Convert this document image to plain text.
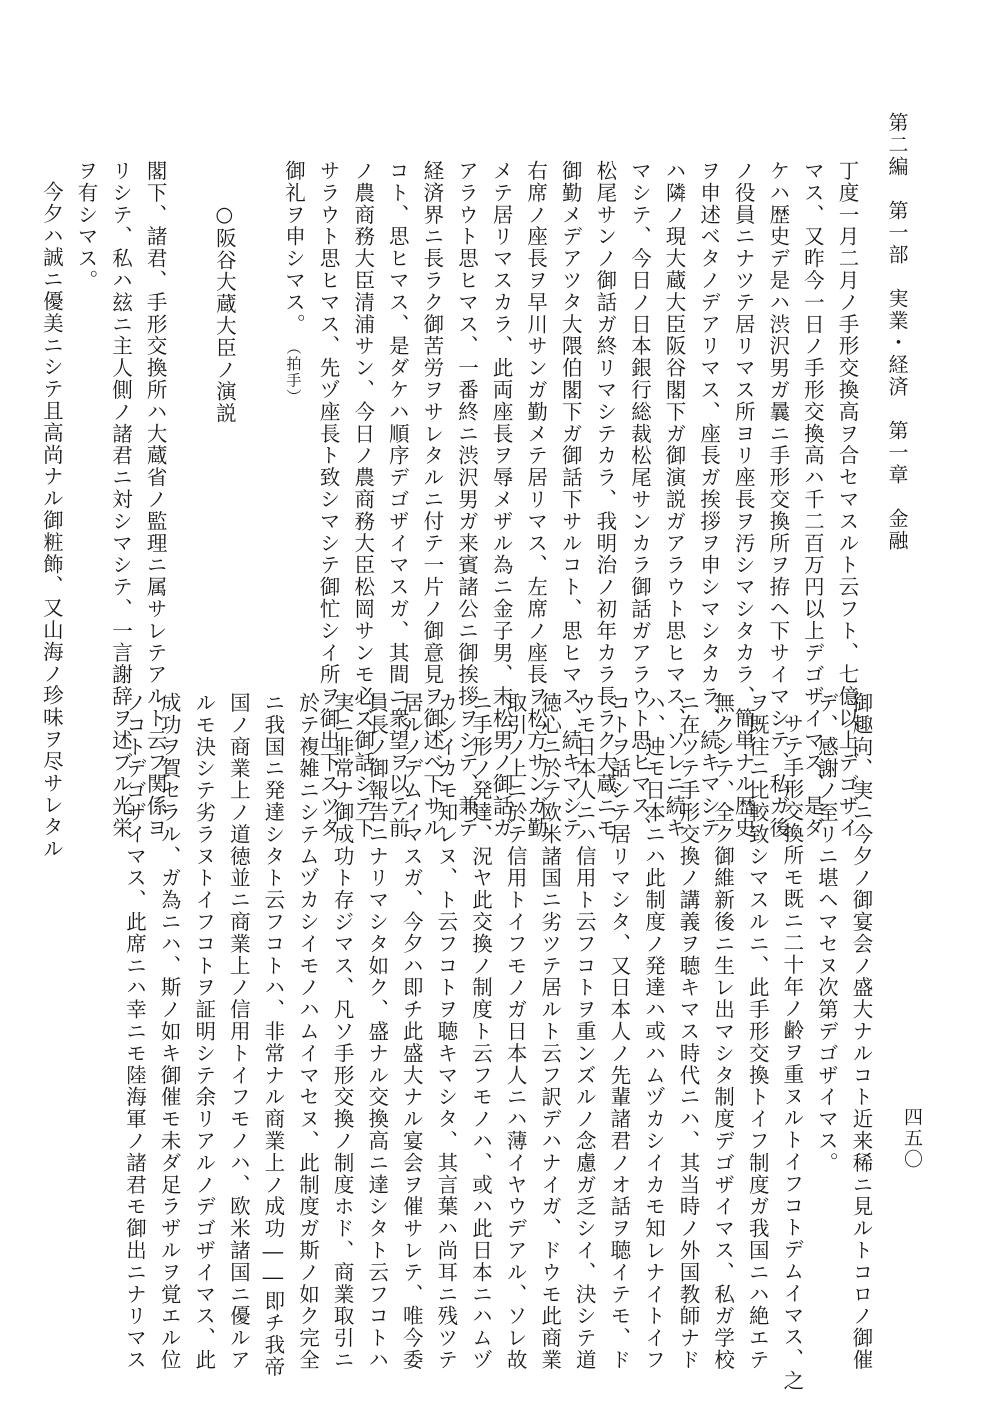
第二編　第一部　実業・経済　第一章　金融
四五〇
丁度一月二月ノ手形交換高ヲ合セマスルト云フト、七億以上デゴザイ
マス、又昨今一日ノ手形交換高ハ千二百万円以上デゴザイマス、是ダ
ケハ歴史デ是ハ渋沢男ガ曩ニ手形交換所ヲ拵ヘ下サイマシテ、私ガ後
ノ役員ニナツテ居リマス所ヨリ座長ヲ汚シマシタカラ、簡単ナル歴史
ヲ申述ベタノデアリマス、座長ガ挨拶ヲ申シマシタカラ、続キマシテ
ハ隣ノ現大蔵大臣阪谷閣下ガ御演説ガアラウト思ヒマス、ソレニ続キ
マシテ、今日ノ日本銀行総裁松尾サンカラ御話ガアラウト思ヒマス、
松尾サンノ御話ガ終リマシテカラ、我明治ノ初年カラ長ラク大蔵ニモ
御勤メデアツタ大隈伯閣下ガ御話下サルコト、思ヒマス、続キマシテ
右席ノ座長ヲ早川サンガ勤メテ居リマス、左席ノ座長ヲ松方サンガ勤
メテ居リマスカラ、此両座長ヲ辱メザル為ニ金子男、末松男ノ御話ガ
アラウト思ヒマス、一番終ニ渋沢男ガ来賓諸公ニ御挨拶ヲシテ、兼テ
経済界ニ長ラク御苦労ヲサレタルニ付テ一片ノ御意見ヲ御述ベ下サル
コト、思ヒマス、是ダケハ順序デゴザイマスガ、其間ニ衆望ヲ以テ前
ノ農商務大臣清浦サン、今日ノ農商務大臣松岡サンモ必ズ御話シテ下
サラウト思ヒマス、先ヅ座長ト致シマシテ御忙シイ所ヲ御出下スツタ
御礼ヲ申シマス。　（拍手）

○阪谷大蔵大臣ノ演説

閣下、諸君、手形交換所ハ大蔵省ノ監理ニ属サレテアルト云フ関係ヨ
リシテ、私ハ玆ニ主人側ノ諸君ニ対シマシテ、一言謝辞ヲ述ブル光栄
ヲ有シマス。
今夕ハ誠ニ優美ニシテ且高尚ナル御粧飾、又山海ノ珍味ヲ尽サレタル
御趣向、実ニ今夕ノ御宴会ノ盛大ナルコト近来稀ニ見ルトコロノ御催
デ、感謝ノ至リニ堪ヘマセヌ次第デゴザイマス。
サテ手形交換所モ既ニ二十年ノ齢ヲ重ヌルトイフコトデムイマス、之
ヲ既往ニ比較致シマスルニ、此手形交換トイフ制度ガ我国ニハ絶エテ
無クシテ、全ク御維新後ニ生レ出マシタ制度デゴザイマス、私ガ学校
ニ在ツテ手形交換ノ講義ヲ聴キマス時代ニハ、其当時ノ外国教師ナド
ハ、迚モ日本ニハ此制度ノ発達ハ或ハムヅカシイカモ知レナイトイフ
コトヲ話シテ居リマシタ、又日本人ノ先輩諸君ノオ話ヲ聴イテモ、ド
ウモ日本人ニハ信用ト云フコトヲ重ンズルノ念慮ガ乏シイ、決シテ道
徳心ニ於テ欧米諸国ニ劣ツテ居ルト云フ訳デハナイガ、ドウモ此商業
取引ノ上ニ於テ信用トイフモノガ日本人ニハ薄イヤウデアル、ソレ故
ニ手形ノ発達、況ヤ此交換ノ制度ト云フモノハ、或ハ此日本ニハムヅ
カシイカモ知レヌ、ト云フコトヲ聴キマシタ、其言葉ハ尚耳ニ残ツテ
居ルノデムイマスガ、今夕ハ即チ此盛大ナル宴会ヲ催サレテ、唯今委
員長ノ御報告ニナリマシタ如ク、盛ナル交換高ニ達シタト云フコトハ
実ニ非常ナ御成功ト存ジマス、凡ソ手形交換ノ制度ホド、商業取引ニ
於テ複雑ニシテムヅカシイモノハムイマセヌ、此制度ガ斯ノ如ク完全
ニ我国ニ発達シタト云フコトハ、非常ナル商業上ノ成功――即チ我帝
国ノ商業上ノ道徳並ニ商業上ノ信用トイフモノハ、欧米諸国ニ優ルア
ルモ決シテ劣ラヌトイフコトヲ証明シテ余リアルノデゴザイマス、此
成功ヲ賀セラル、ガ為ニハ、斯ノ如キ御催モ未ダ足ラザルヲ覚エル位
ノコトデゴザイマス、此席ニハ幸ニモ陸海軍ノ諸君モ御出ニナリマス
